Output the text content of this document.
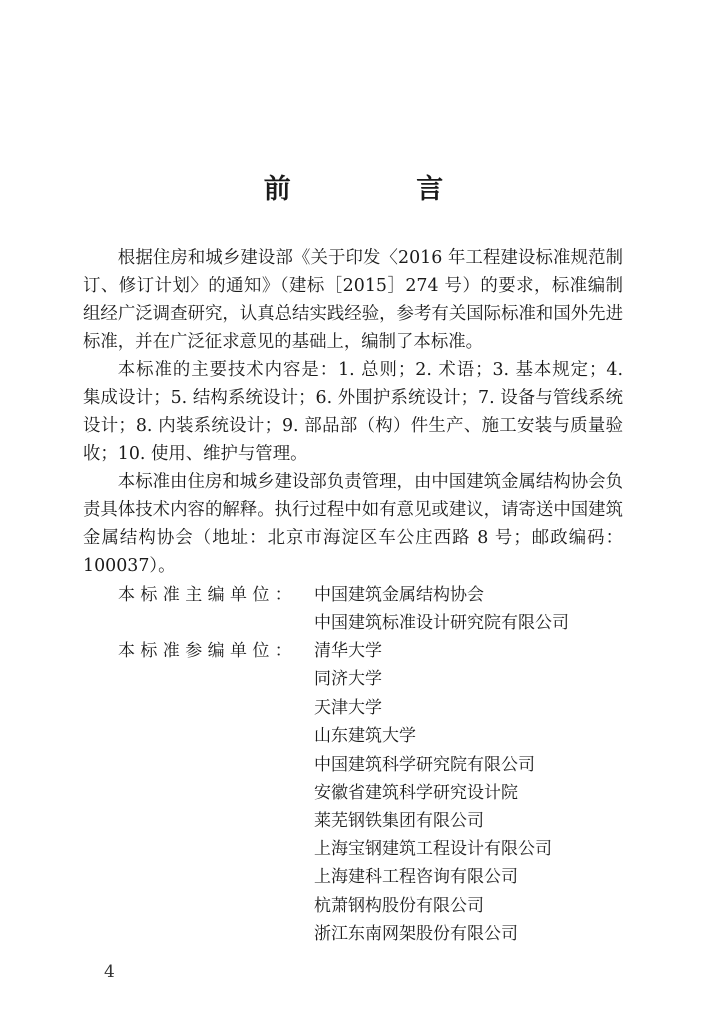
前 言

根据住房和城乡建设部《关于印发〈2016 年工程建设标准规范制订、修订计划〉的通知》（建标［2015］274 号）的要求，标准编制组经广泛调查研究，认真总结实践经验，参考有关国际标准和国外先进标准，并在广泛征求意见的基础上，编制了本标准。

本标准的主要技术内容是：1. 总则；2. 术语；3. 基本规定；4. 集成设计；5. 结构系统设计；6. 外围护系统设计；7. 设备与管线系统设计；8. 内装系统设计；9. 部品部（构）件生产、施工安装与质量验收；10. 使用、维护与管理。

本标准由住房和城乡建设部负责管理，由中国建筑金属结构协会负责具体技术内容的解释。执行过程中如有意见或建议，请寄送中国建筑金属结构协会（地址：北京市海淀区车公庄西路 8 号；邮政编码：100037）。

本标准主编单位： 中国建筑金属结构协会
中国建筑标准设计研究院有限公司
本标准参编单位： 清华大学
同济大学
天津大学
山东建筑大学
中国建筑科学研究院有限公司
安徽省建筑科学研究设计院
莱芜钢铁集团有限公司
上海宝钢建筑工程设计有限公司
上海建科工程咨询有限公司
杭萧钢构股份有限公司
浙江东南网架股份有限公司
4
